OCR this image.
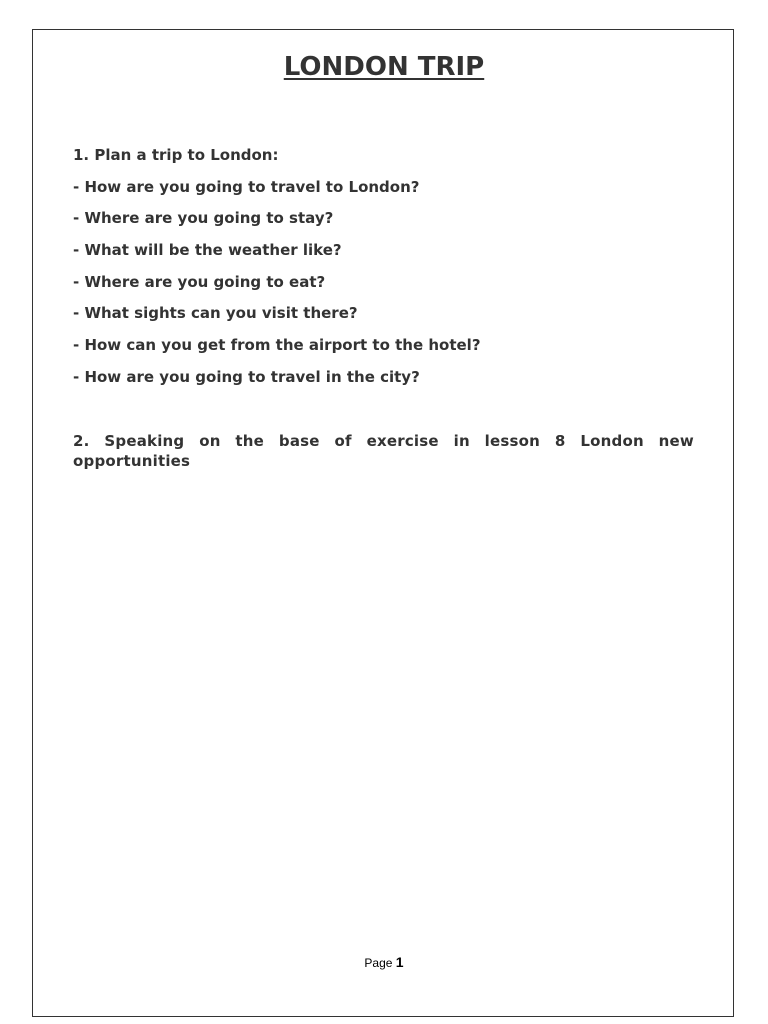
LONDON TRIP
1. Plan a trip to London:
- How are you going to travel to London?
- Where are you going to stay?
- What will be the weather like?
- Where are you going to eat?
- What sights can you visit there?
- How can you get from the airport to the hotel?
- How are you going to travel in the city?

2. Speaking on the base of exercise in lesson 8 London new opportunities

Page 1
